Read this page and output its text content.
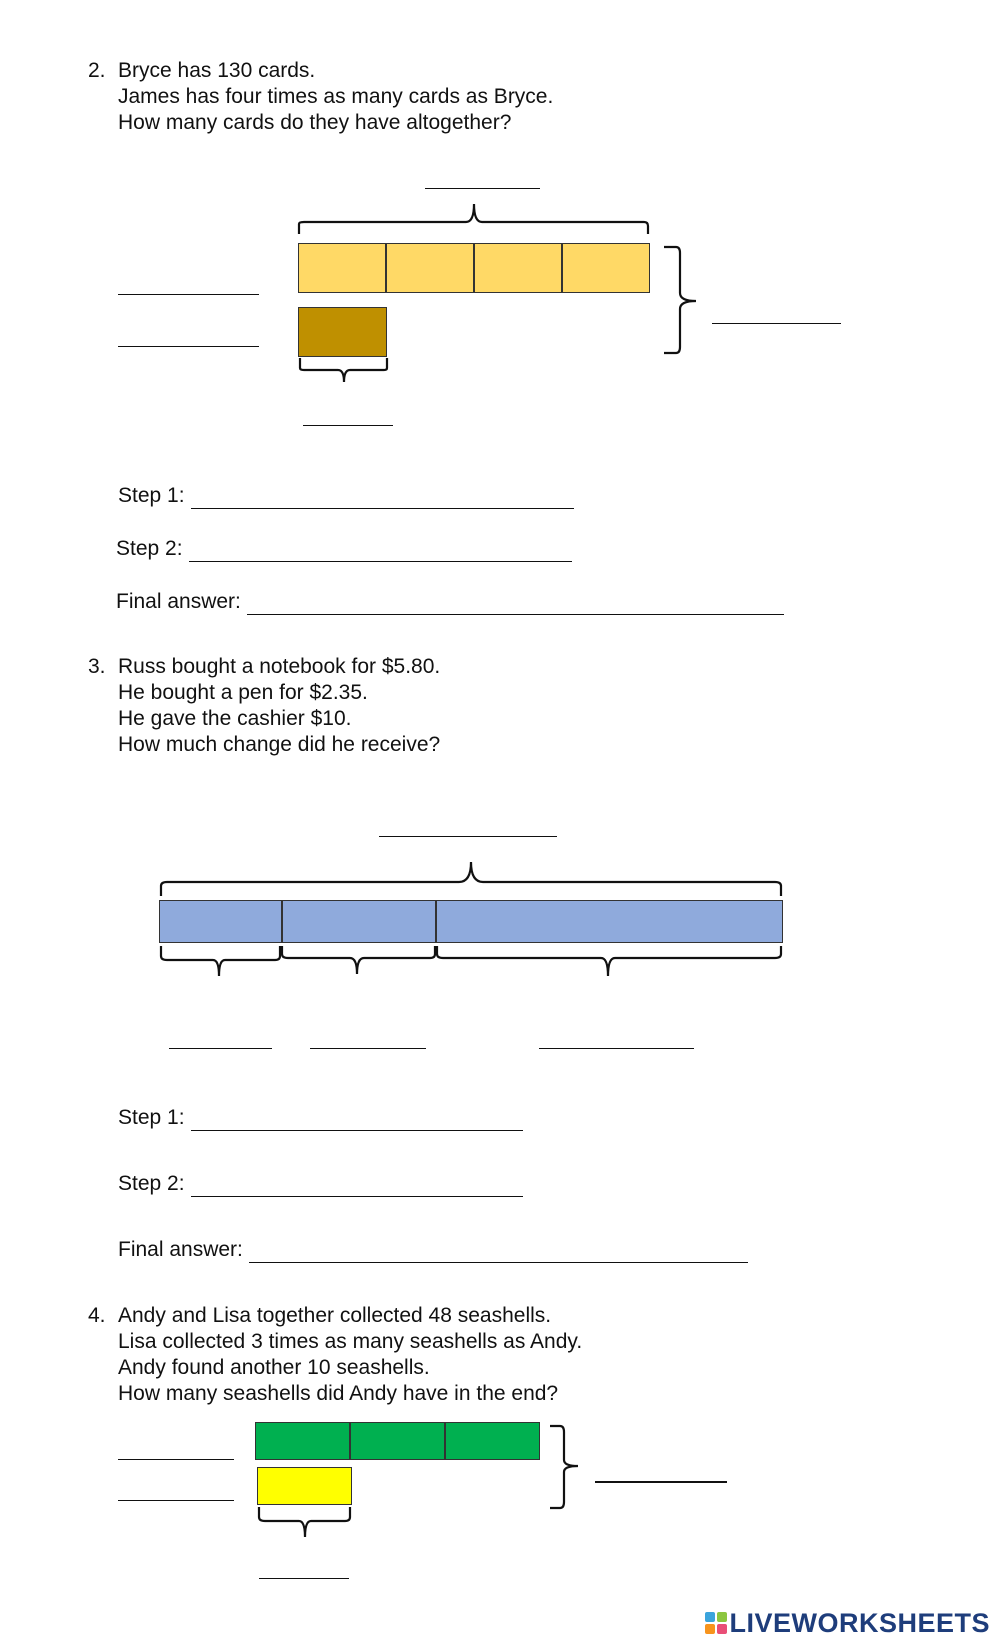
2. Bryce has 130 cards.
James has four times as many cards as Bryce.
How many cards do they have altogether?
Step 1:
Step 2:
Final answer:
3. Russ bought a notebook for $5.80.
He bought a pen for $2.35.
He gave the cashier $10.
How much change did he receive?
Step 1:
Step 2:
Final answer:
4. Andy and Lisa together collected 48 seashells.
Lisa collected 3 times as many seashells as Andy.
Andy found another 10 seashells.
How many seashells did Andy have in the end?
LIVEWORKSHEETS
